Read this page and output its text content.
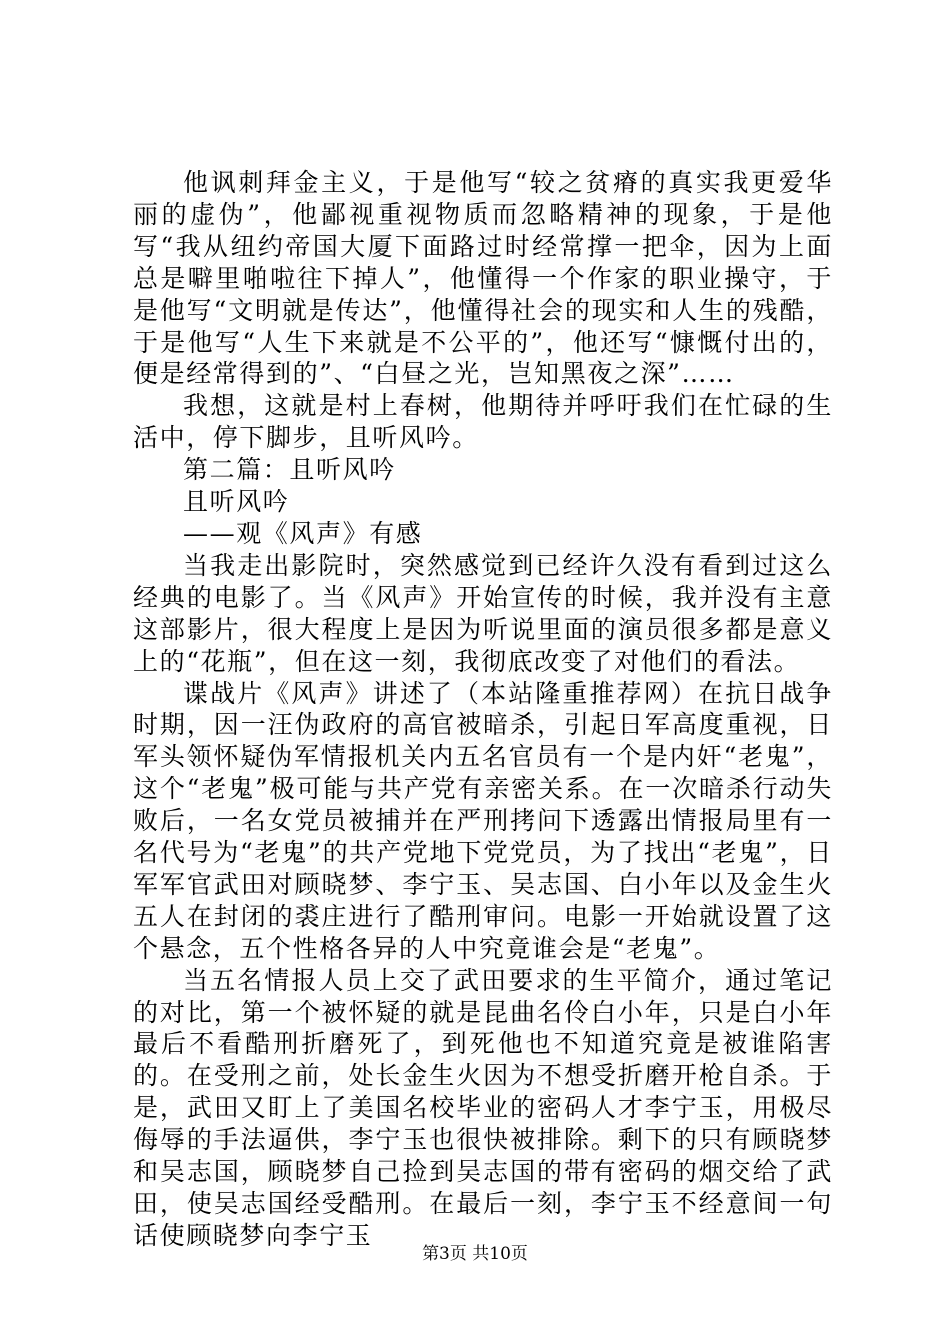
他讽刺拜金主义，于是他写“较之贫瘠的真实我更爱华丽的虚伪”，他鄙视重视物质而忽略精神的现象，于是他写“我从纽约帝国大厦下面路过时经常撑一把伞，因为上面总是噼里啪啦往下掉人”，他懂得一个作家的职业操守，于是他写“文明就是传达”，他懂得社会的现实和人生的残酷，于是他写“人生下来就是不公平的”，他还写“慷慨付出的，便是经常得到的”、“白昼之光，岂知黑夜之深”……

我想，这就是村上春树，他期待并呼吁我们在忙碌的生活中，停下脚步，且听风吟。

第二篇：且听风吟

且听风吟

——观《风声》有感

当我走出影院时，突然感觉到已经许久没有看到过这么经典的电影了。当《风声》开始宣传的时候，我并没有主意这部影片，很大程度上是因为听说里面的演员很多都是意义上的“花瓶”，但在这一刻，我彻底改变了对他们的看法。

谍战片《风声》讲述了（本站隆重推荐网）在抗日战争时期，因一汪伪政府的高官被暗杀，引起日军高度重视，日军头领怀疑伪军情报机关内五名官员有一个是内奸“老鬼”，这个“老鬼”极可能与共产党有亲密关系。在一次暗杀行动失败后，一名女党员被捕并在严刑拷问下透露出情报局里有一名代号为“老鬼”的共产党地下党党员，为了找出“老鬼”，日军军官武田对顾晓梦、李宁玉、吴志国、白小年以及金生火五人在封闭的裘庄进行了酷刑审问。电影一开始就设置了这个悬念，五个性格各异的人中究竟谁会是“老鬼”。

当五名情报人员上交了武田要求的生平简介，通过笔记的对比，第一个被怀疑的就是昆曲名伶白小年，只是白小年最后不看酷刑折磨死了，到死他也不知道究竟是被谁陷害的。在受刑之前，处长金生火因为不想受折磨开枪自杀。于是，武田又盯上了美国名校毕业的密码人才李宁玉，用极尽侮辱的手法逼供，李宁玉也很快被排除。剩下的只有顾晓梦和吴志国，顾晓梦自己捡到吴志国的带有密码的烟交给了武田，使吴志国经受酷刑。在最后一刻，李宁玉不经意间一句话使顾晓梦向李宁玉

第3页 共10页
